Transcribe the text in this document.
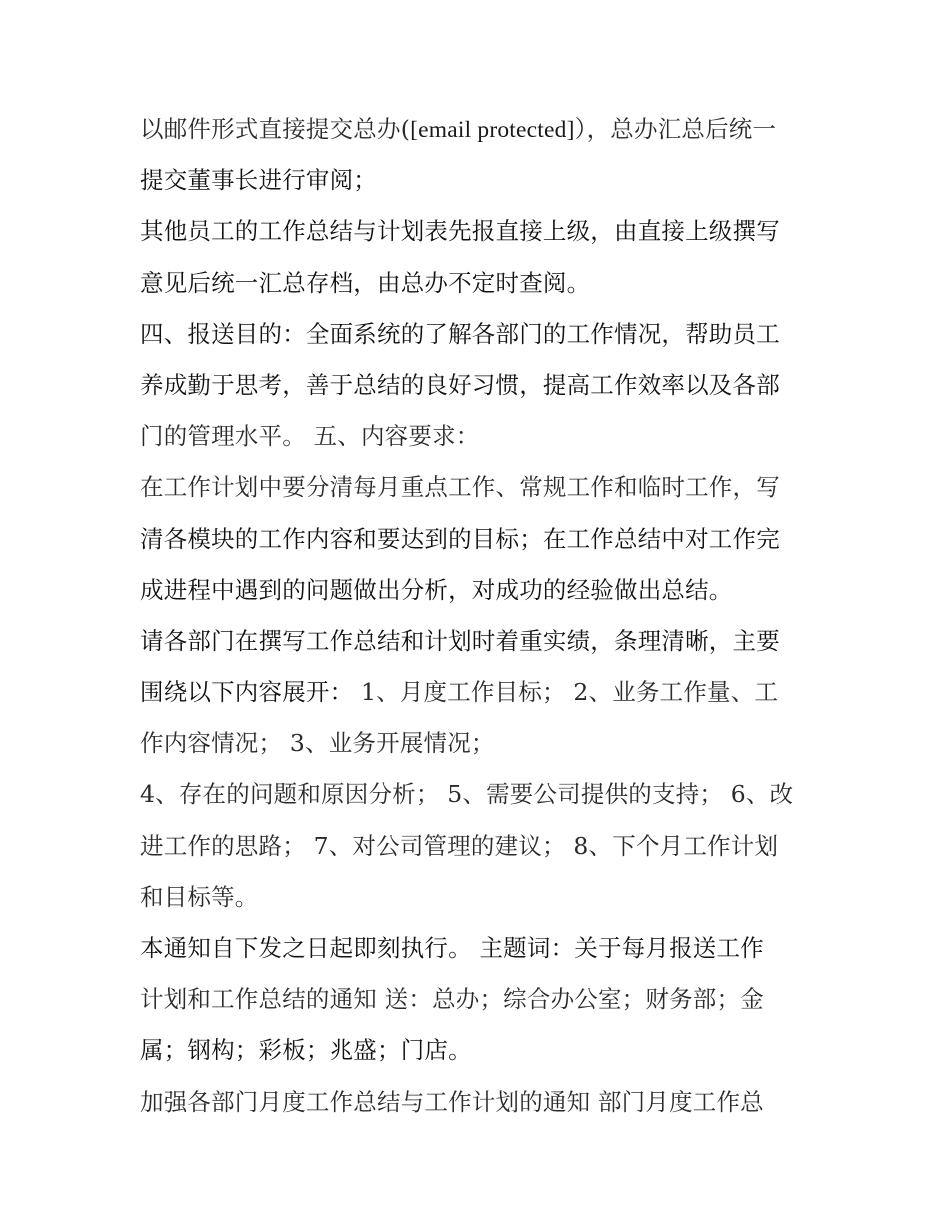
以邮件形式直接提交总办([email protected]），总办汇总后统一
提交董事长进行审阅；
其他员工的工作总结与计划表先报直接上级，由直接上级撰写
意见后统一汇总存档，由总办不定时查阅。
四、报送目的：全面系统的了解各部门的工作情况，帮助员工
养成勤于思考，善于总结的良好习惯，提高工作效率以及各部
门的管理水平。 五、内容要求：
在工作计划中要分清每月重点工作、常规工作和临时工作，写
清各模块的工作内容和要达到的目标；在工作总结中对工作完
成进程中遇到的问题做出分析，对成功的经验做出总结。
请各部门在撰写工作总结和计划时着重实绩，条理清晰，主要
围绕以下内容展开： 1、月度工作目标； 2、业务工作量、工
作内容情况； 3、业务开展情况；
4、存在的问题和原因分析； 5、需要公司提供的支持； 6、改
进工作的思路； 7、对公司管理的建议； 8、下个月工作计划
和目标等。
本通知自下发之日起即刻执行。 主题词：关于每月报送工作
计划和工作总结的通知 送：总办；综合办公室；财务部；金
属；钢构；彩板；兆盛；门店。
加强各部门月度工作总结与工作计划的通知 部门月度工作总
